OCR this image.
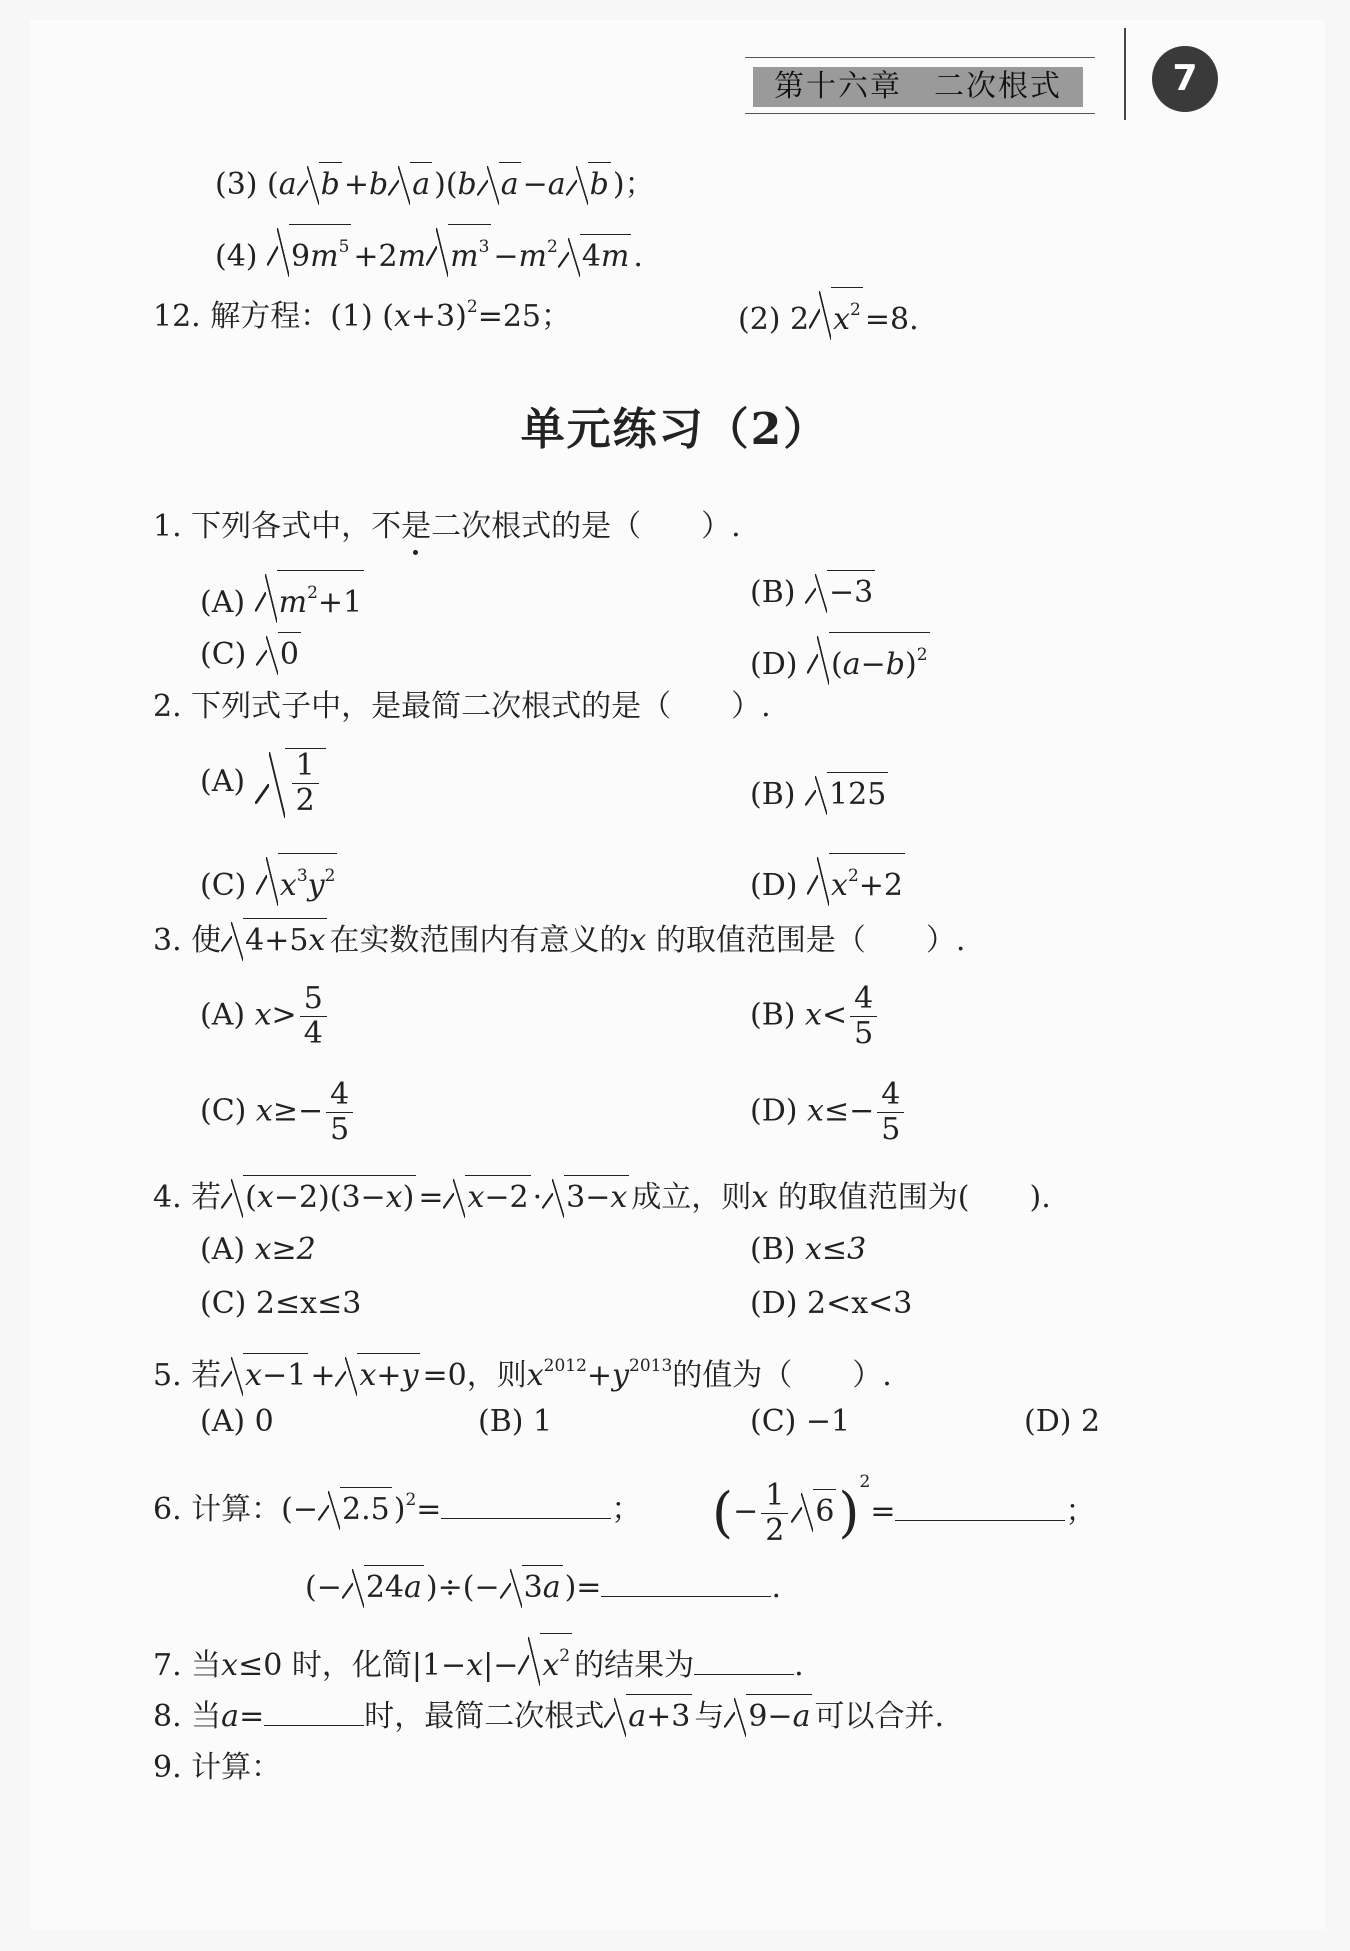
第十六章　二次根式	7
(3) (a b +b a )(b a −a b )；
(4) $9m^5 +2m$ $m^3 -m^2$ 4m .
12. 解方程：(1) $(x+3)^2=25$；	(2) 2 $x^2 =8$.
单元练习（2）
1. 下列各式中，不是二次根式的是（　　）.
(A) $m^2+1$	(B) −3
(C) 0	(D) $(a-b)^2$
2. 下列式子中，是最简二次根式的是（　　）.
$(A) \frac{1}{2}$	(B) 125
(C) $x^3y^2$	(D) $x^2+2$
3. 使 4+5x 在实数范围内有意义的x 的取值范围是（　　）.
(A) $x> \frac{5}{4}$	(B) $x< \frac{4}{5}$
(C) $x\ge- \frac{4}{5}$	(D) $x\le- \frac{4}{5}$
4. 若 (x−2)(3−x) = x−2 · 3−x 成立，则x 的取值范围为(　　).
(A) x≥2	(B) x≤3
(C) 2≤x≤3	(D) 2<x<3
5. 若 x−1 + x+y =0，则$x^{2012}+y^{2013}$的值为（　　）.
(A) 0	(B) 1	(C) −1	(D) 2
6. 计算：(− 2.5 )$^2$=	； (− $\frac{1}{2} 6)^2=$	；
(− 24a )÷(− 3a )=	.
7. 当x≤0 时，化简$|1-x|- x^2$ 的结果为	.
8. 当a=	时，最简二次根式 a+3 与 9−a 可以合并.
9. 计算：
